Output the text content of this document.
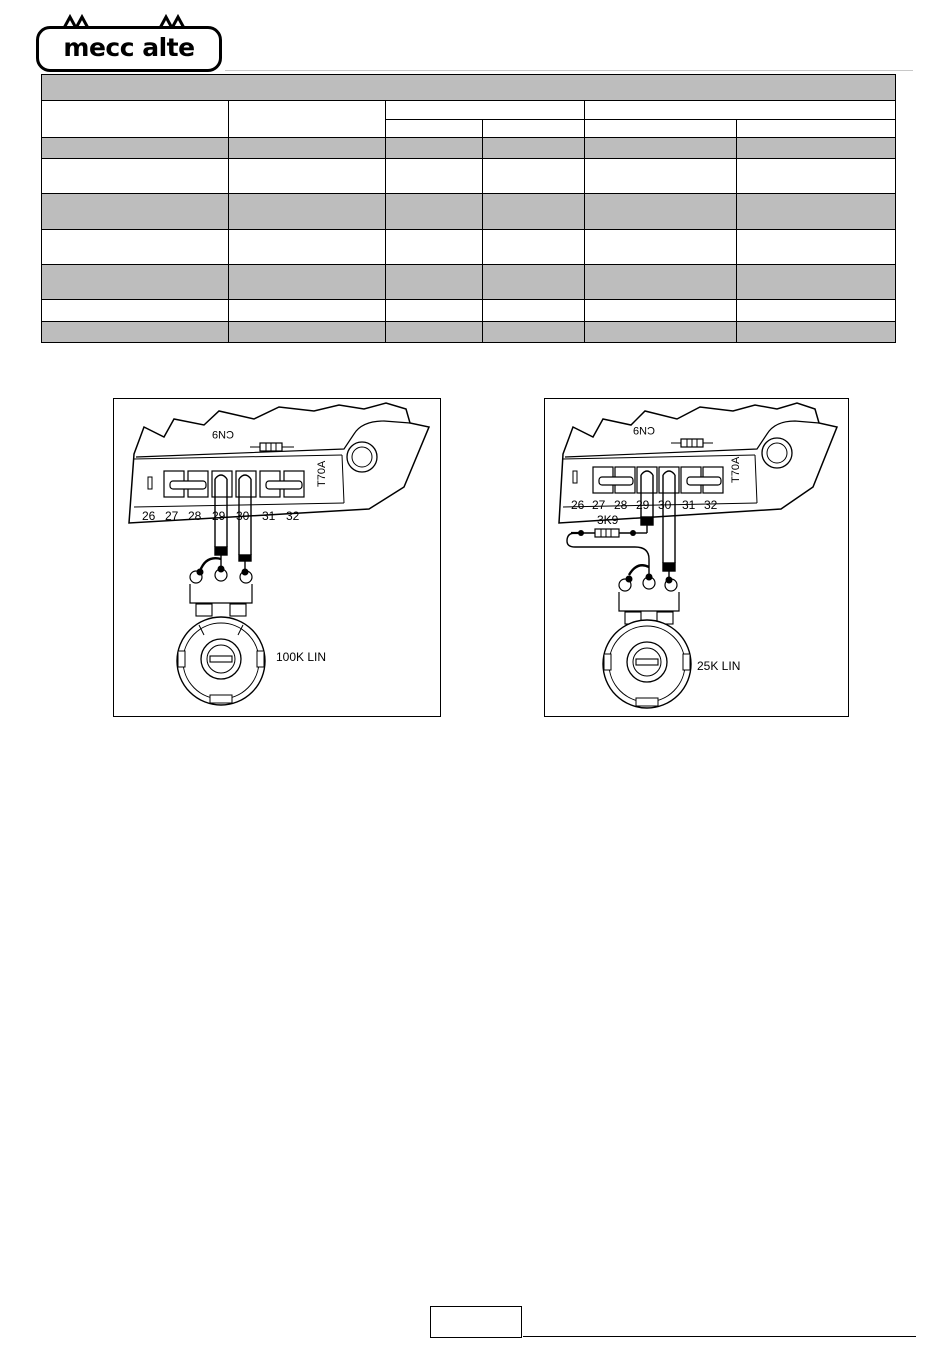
mecc alte

CN9
T70A
26 27 28 29 30 31 32
100K LIN
CN9
T70A
26 27 28 29 30 31 32
3K9
25K LIN
